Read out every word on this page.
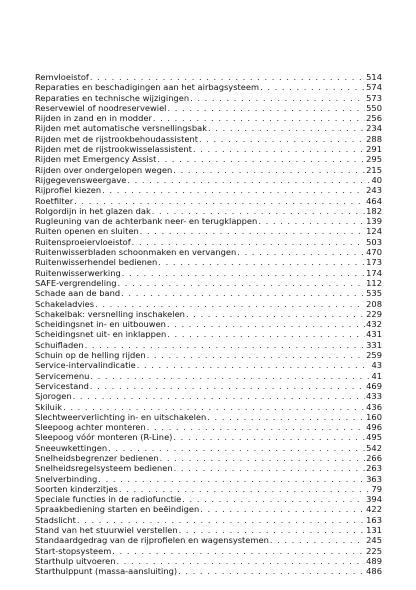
Remvloeistof . . .	514
Reparaties en beschadigingen aan het airbagsysteem . . .	574
Reparaties en technische wijzigingen . . .	573
Reservewiel of noodreservewiel . . .	550
Rijden in zand en in modder . . .	256
Rijden met automatische versnellingsbak . . .	234
Rijden met de rijstrookbehoudassistent . . .	288
Rijden met de rijstrookwisselassistent . . .	291
Rijden met Emergency Assist . . .	295
Rijden over ondergelopen wegen . . .	215
Rijgegevensweergave . . .	40
Rijprofiel kiezen . . .	243
Roetfilter . . .	464
Rolgordijn in het glazen dak . . .	182
Rugleuning van de achterbank neer- en terugklappen . . .	139
Ruiten openen en sluiten . . .	124
Ruitensproeiervloeistof . . .	503
Ruitenwisserbladen schoonmaken en vervangen . . .	470
Ruitenwisserhendel bedienen . . .	173
Ruitenwisserwerking . . .	174
SAFE-vergrendeling . . .	112
Schade aan de band . . .	535
Schakeladvies . . .	208
Schakelbak: versnelling inschakelen . . .	229
Scheidingsnet in- en uitbouwen . . .	432
Scheidingsnet uit- en inklappen . . .	431
Schuifladen . . .	331
Schuin op de helling rijden . . .	259
Service-intervalindicatie . . .	43
Servicemenu . . .	41
Servicestand . . .	469
Sjorogen . . .	433
Skiluik . . .	436
Slechtweerverlichting in- en uitschakelen . . .	160
Sleepoog achter monteren . . .	496
Sleepoog vóór monteren (R-Line) . . .	495
Sneeuwkettingen . . .	542
Snelheidsbegrenzer bedienen . . .	266
Snelheidsregelsysteem bedienen . . .	263
Snelverbinding . . .	363
Soorten kinderzitjes . . .	79
Speciale functies in de radiofunctie . . .	394
Spraakbediening starten en beëindigen . . .	422
Stadslicht . . .	163
Stand van het stuurwiel verstellen . . .	131
Standaardgedrag van de rijprofielen en wagensystemen . . .	245
Start-stopsysteem . . .	225
Starthulp uitvoeren . . .	489
Starthulppunt (massa-aansluiting) . . .	486
